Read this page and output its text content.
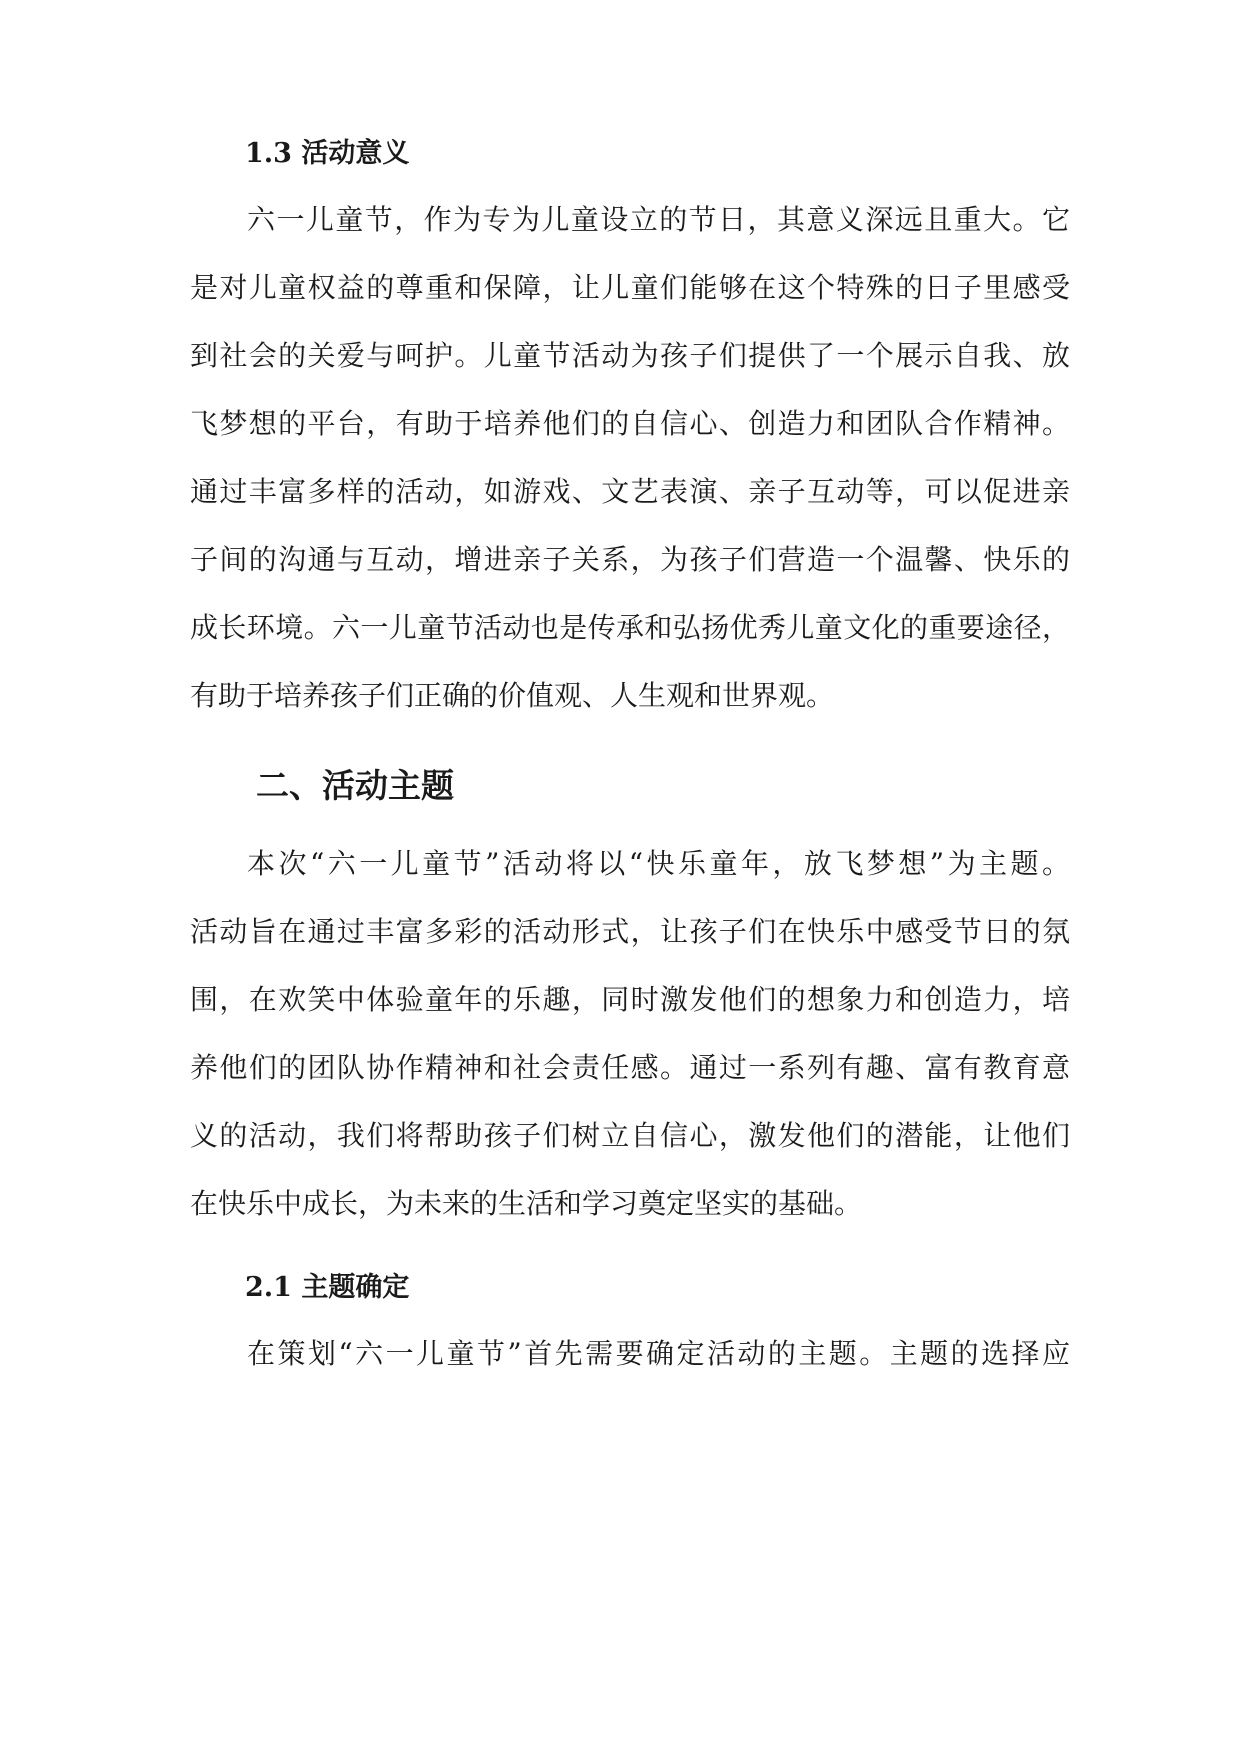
1.3 活动意义
六一儿童节，作为专为儿童设立的节日，其意义深远且重大。它
是对儿童权益的尊重和保障，让儿童们能够在这个特殊的日子里感受
到社会的关爱与呵护。儿童节活动为孩子们提供了一个展示自我、放
飞梦想的平台，有助于培养他们的自信心、创造力和团队合作精神。
通过丰富多样的活动，如游戏、文艺表演、亲子互动等，可以促进亲
子间的沟通与互动，增进亲子关系，为孩子们营造一个温馨、快乐的
成长环境。六一儿童节活动也是传承和弘扬优秀儿童文化的重要途径，
有助于培养孩子们正确的价值观、人生观和世界观。
二、活动主题
本次“六一儿童节”活动将以“快乐童年，放飞梦想”为主题。
活动旨在通过丰富多彩的活动形式，让孩子们在快乐中感受节日的氛
围，在欢笑中体验童年的乐趣，同时激发他们的想象力和创造力，培
养他们的团队协作精神和社会责任感。通过一系列有趣、富有教育意
义的活动，我们将帮助孩子们树立自信心，激发他们的潜能，让他们
在快乐中成长，为未来的生活和学习奠定坚实的基础。
2.1 主题确定
在策划“六一儿童节”首先需要确定活动的主题。主题的选择应
